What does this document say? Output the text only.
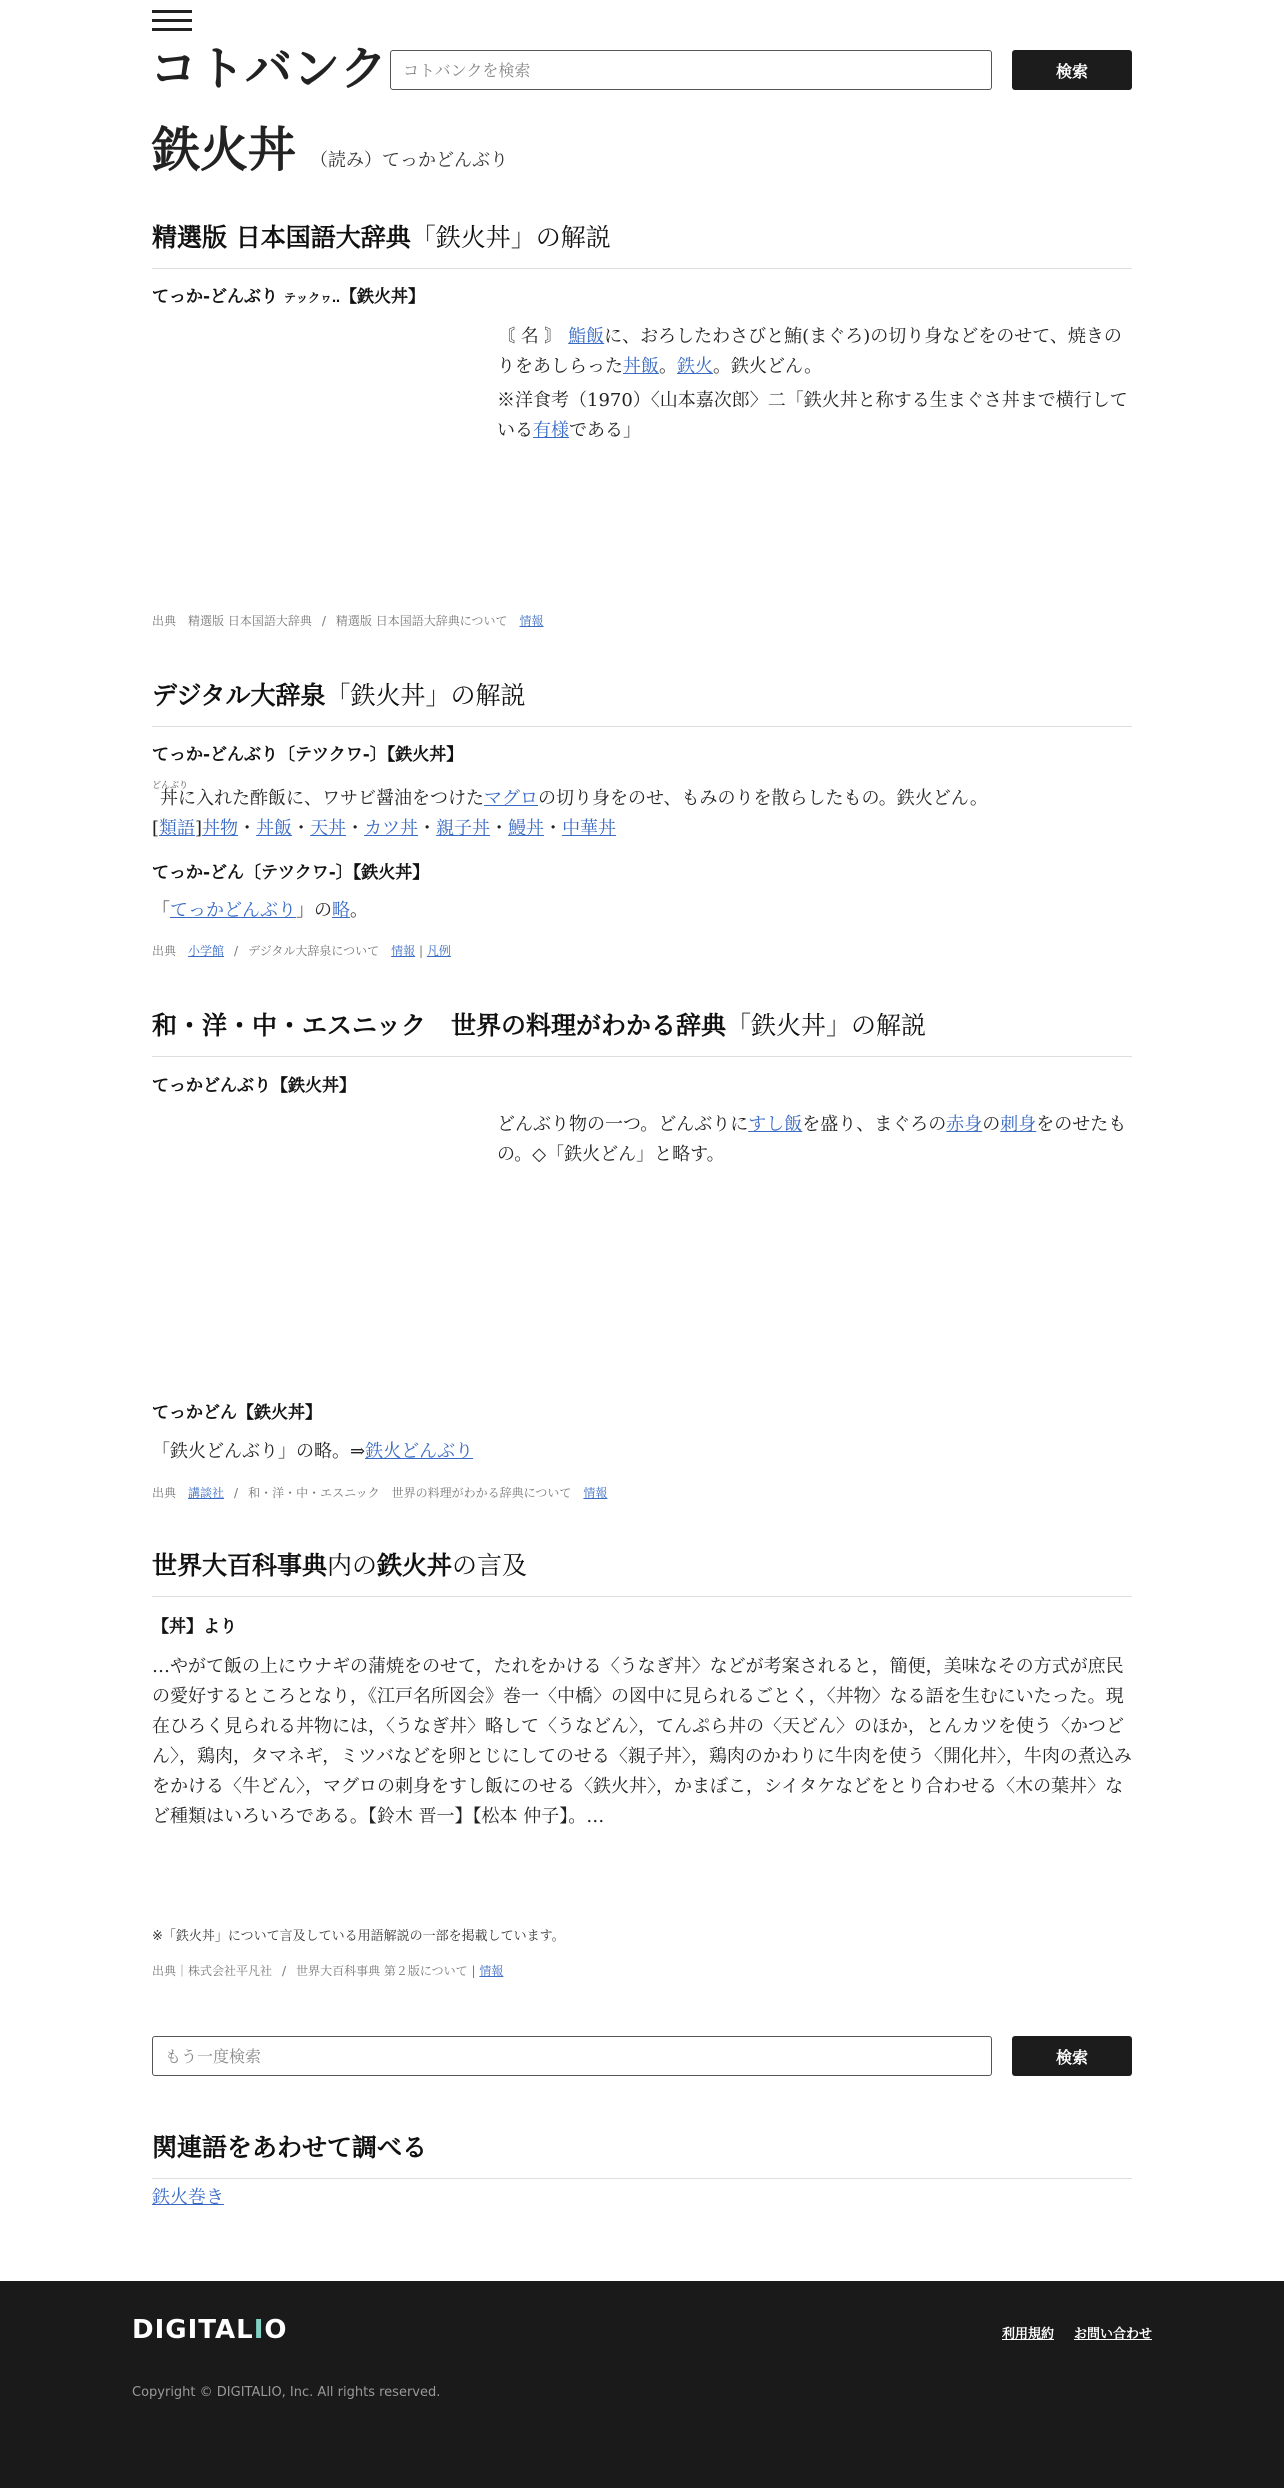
コトバンク
コトバンクを検索	検索
鉄火丼 （読み）てっかどんぶり
精選版 日本国語大辞典「鉄火丼」の解説
てっか‐どんぶり テックヮ‥【鉄火丼】
〘 名 〙 鮨飯に、おろしたわさびと鮪(まぐろ)の切り身などをのせて、焼きのりをあしらった丼飯。鉄火。鉄火どん。
※洋食考（1970）〈山本嘉次郎〉二「鉄火丼と称する生まぐさ丼まで横行している有様である」
出典　 精選版 日本国語大辞典 / 精選版 日本国語大辞典について　 情報
デジタル大辞泉「鉄火丼」の解説
てっか‐どんぶり〔テツクワ‐〕【鉄火丼】
どんぶり
丼に入れた酢飯に、ワサビ醤油をつけたマグロの切り身をのせ、もみのりを散らしたもの。鉄火どん。
[類語]丼物・丼飯・天丼・カツ丼・親子丼・鰻丼・中華丼
てっか‐どん〔テツクワ‐〕【鉄火丼】
「てっかどんぶり」の略。
出典　 小学館 / デジタル大辞泉について　 情報 | 凡例
和・洋・中・エスニック　世界の料理がわかる辞典「鉄火丼」の解説
てっかどんぶり【鉄火丼】
どんぶり物の一つ。どんぶりにすし飯を盛り、まぐろの赤身の刺身をのせたもの。◇「鉄火どん」と略す。
てっかどん【鉄火丼】
「鉄火どんぶり」の略。⇒鉄火どんぶり
出典　 講談社 / 和・洋・中・エスニック　世界の料理がわかる辞典について　 情報
世界大百科事典内の鉄火丼の言及
【丼】より
…やがて飯の上にウナギの蒲焼をのせて，たれをかける〈うなぎ丼〉などが考案されると，簡便，美味なその方式が庶民の愛好するところとなり，《江戸名所図会》巻一〈中橋〉の図中に見られるごとく，〈丼物〉なる語を生むにいたった。現在ひろく見られる丼物には，〈うなぎ丼〉略して〈うなどん〉，てんぷら丼の〈天どん〉のほか，とんカツを使う〈かつどん〉，鶏肉，タマネギ，ミツバなどを卵とじにしてのせる〈親子丼〉，鶏肉のかわりに牛肉を使う〈開化丼〉，牛肉の煮込みをかける〈牛どん〉，マグロの刺身をすし飯にのせる〈鉄火丼〉，かまぼこ，シイタケなどをとり合わせる〈木の葉丼〉など種類はいろいろである。【鈴木 晋一】【松本 仲子】。…
※「鉄火丼」について言及している用語解説の一部を掲載しています。
出典｜株式会社平凡社 / 世界大百科事典 第２版について | 情報
もう一度検索
検索
関連語をあわせて調べる
鉄火巻き
DIGITALIO	利用規約 お問い合わせ
Copyright © DIGITALIO, Inc. All rights reserved.
